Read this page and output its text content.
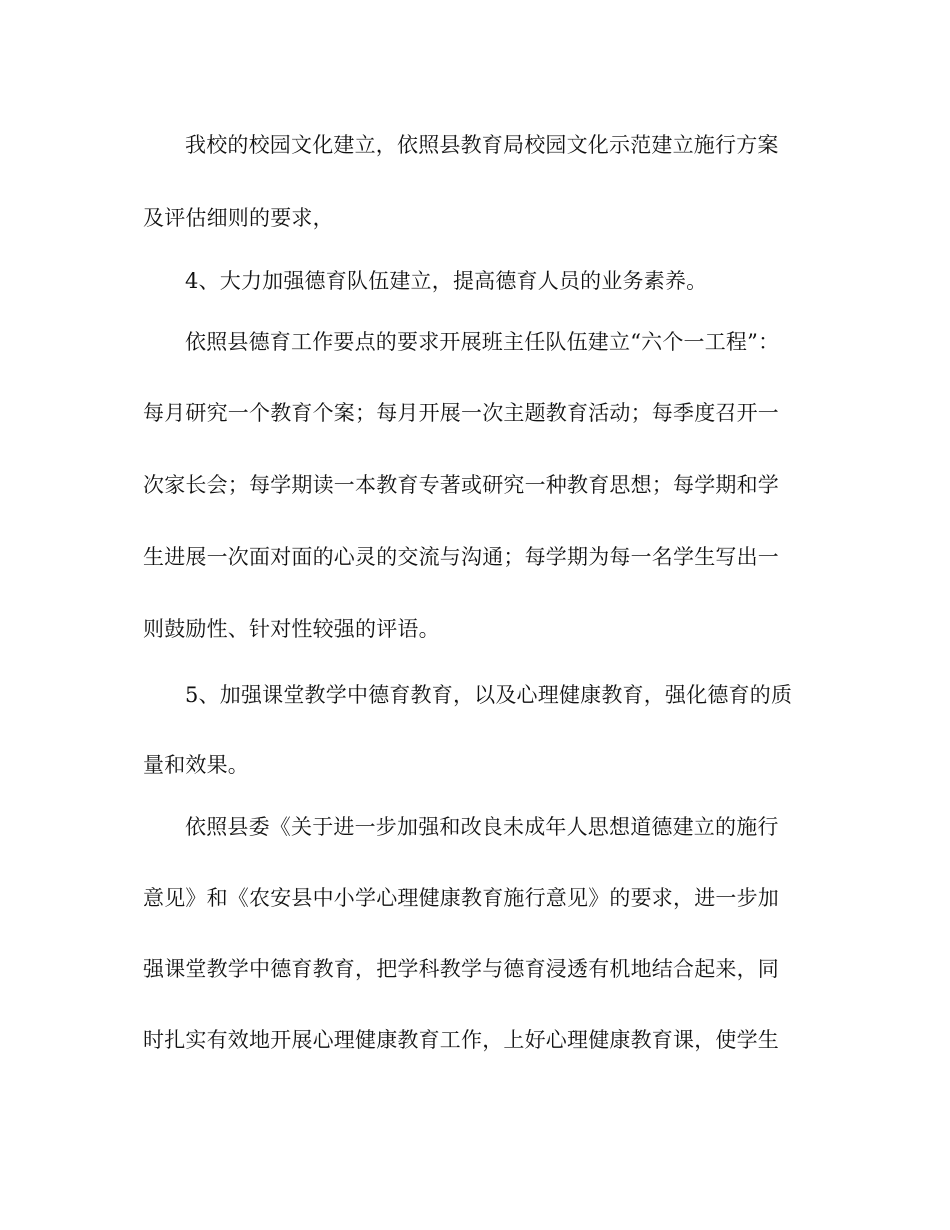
我校的校园文化建立，依照县教育局校园文化示范建立施行方案
及评估细则的要求，
4、大力加强德育队伍建立，提高德育人员的业务素养。
依照县德育工作要点的要求开展班主任队伍建立“六个一工程”：
每月研究一个教育个案；每月开展一次主题教育活动；每季度召开一
次家长会；每学期读一本教育专著或研究一种教育思想；每学期和学
生进展一次面对面的心灵的交流与沟通；每学期为每一名学生写出一
则鼓励性、针对性较强的评语。
5、加强课堂教学中德育教育，以及心理健康教育，强化德育的质
量和效果。
依照县委《关于进一步加强和改良未成年人思想道德建立的施行
意见》和《农安县中小学心理健康教育施行意见》的要求，进一步加
强课堂教学中德育教育，把学科教学与德育浸透有机地结合起来，同
时扎实有效地开展心理健康教育工作，上好心理健康教育课，使学生
